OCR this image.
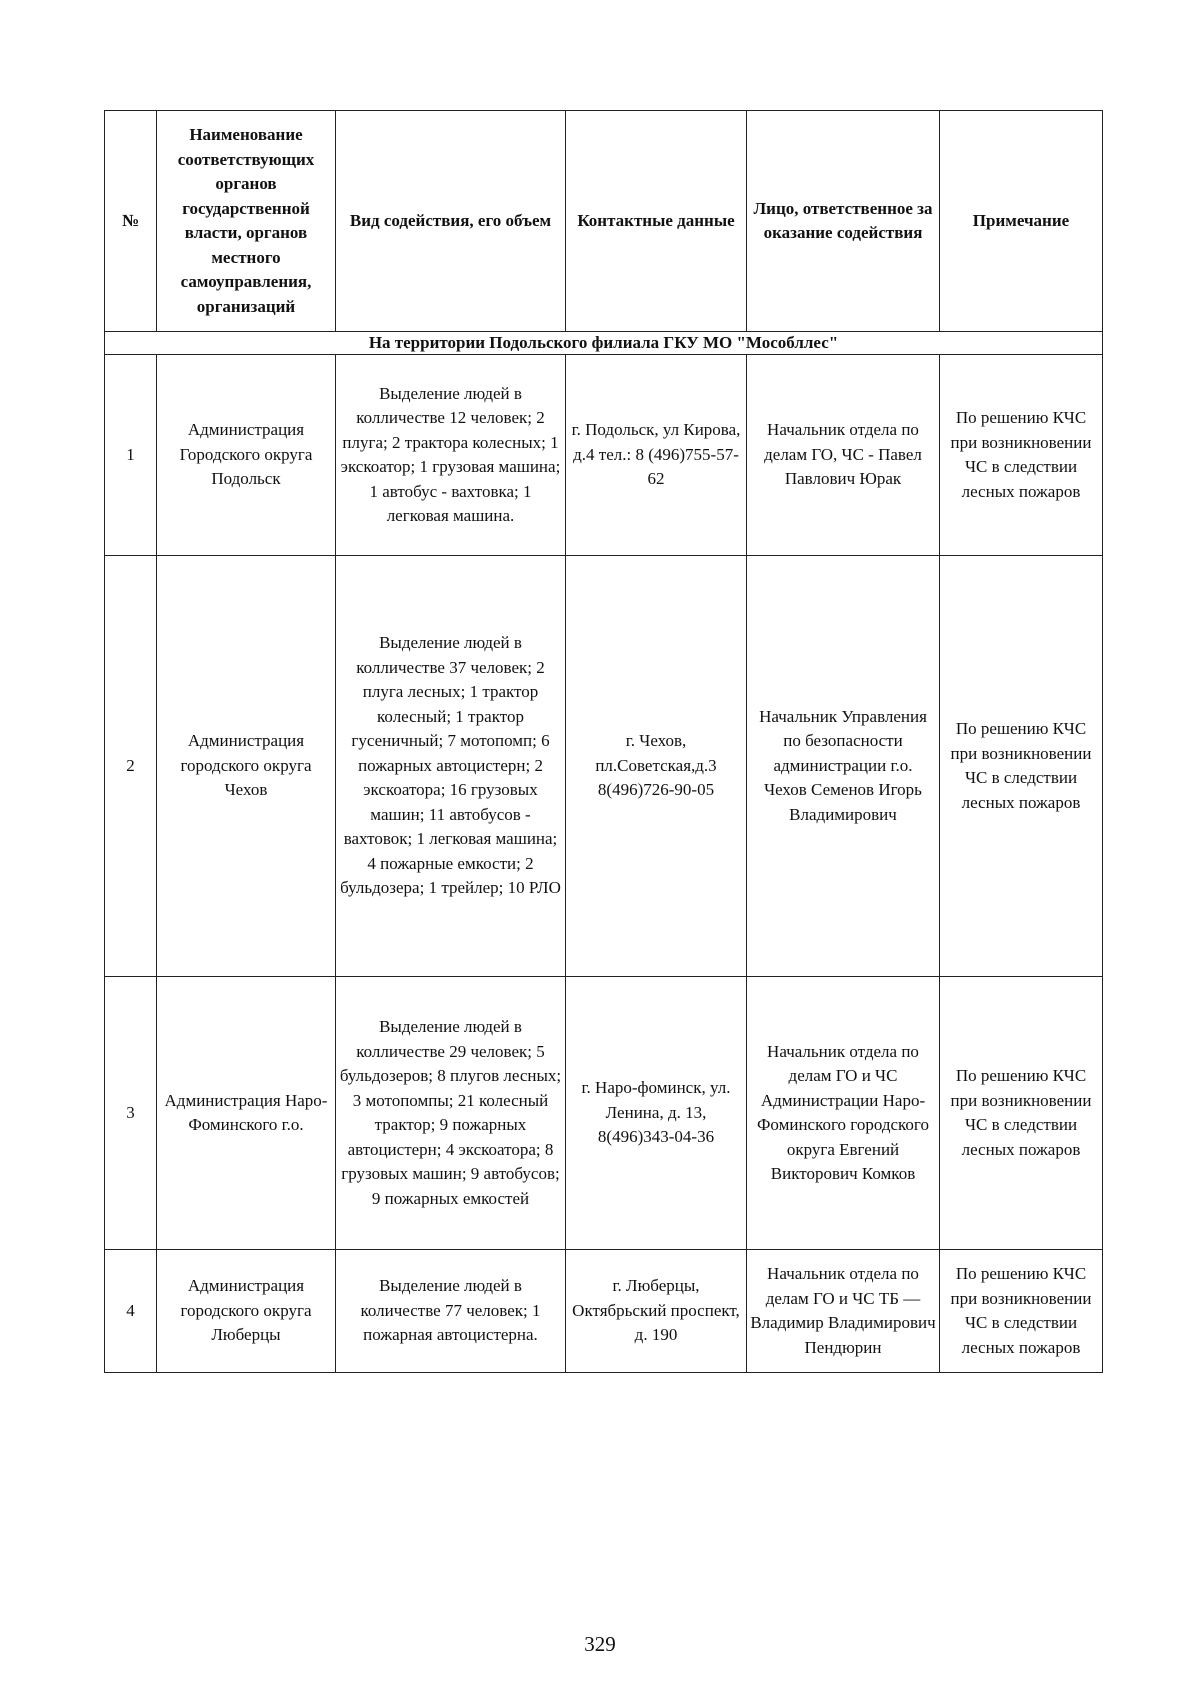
№	Наименование соответствующих органов государственной власти, органов местного самоуправления, организаций	Вид содействия, его объем	Контактные данные	Лицо, ответственное за оказание содействия	Примечание
На территории Подольского филиала ГКУ МО "Мособллес"					
1	Администрация Городского округа Подольск	Выделение людей в колличестве 12 человек; 2 плуга; 2 трактора колесных; 1 экскоатор; 1 грузовая машина; 1 автобус - вахтовка; 1 легковая машина.	г. Подольск, ул Кирова, д.4 тел.: 8 (496)755-57-62	Начальник отдела по делам ГО, ЧС - Павел Павлович Юрак	По решению КЧС при возникновении ЧС в следствии лесных пожаров
2	Администрация городского округа Чехов	Выделение людей в колличестве 37 человек; 2 плуга лесных; 1 трактор колесный; 1 трактор гусеничный; 7 мотопомп; 6 пожарных автоцистерн; 2 экскоатора; 16 грузовых машин; 11 автобусов - вахтовок; 1 легковая машина; 4 пожарные емкости; 2 бульдозера; 1 трейлер; 10 РЛО	г. Чехов, пл.Советская,д.3 8(496)726-90-05	Начальник Управления по безопасности администрации г.о. Чехов Семенов Игорь Владимирович	По решению КЧС при возникновении ЧС в следствии лесных пожаров
3	Администрация Наро-Фоминского г.о.	Выделение людей в колличестве 29 человек; 5 бульдозеров; 8 плугов лесных; 3 мотопомпы; 21 колесный трактор; 9 пожарных автоцистерн; 4 экскоатора; 8 грузовых машин; 9 автобусов; 9 пожарных емкостей	г. Наро-фоминск, ул. Ленина, д. 13, 8(496)343-04-36	Начальник отдела по делам ГО и ЧС Администрации Наро-Фоминского городского округа Евгений Викторович Комков	По решению КЧС при возникновении ЧС в следствии лесных пожаров
4	Администрация городского округа Люберцы	Выделение людей в количестве 77 человек; 1 пожарная автоцистерна.	г. Люберцы, Октябрьский проспект, д. 190	Начальник отдела по делам ГО и ЧС ТБ — Владимир Владимирович Пендюрин	По решению КЧС при возникновении ЧС в следствии лесных пожаров
329
